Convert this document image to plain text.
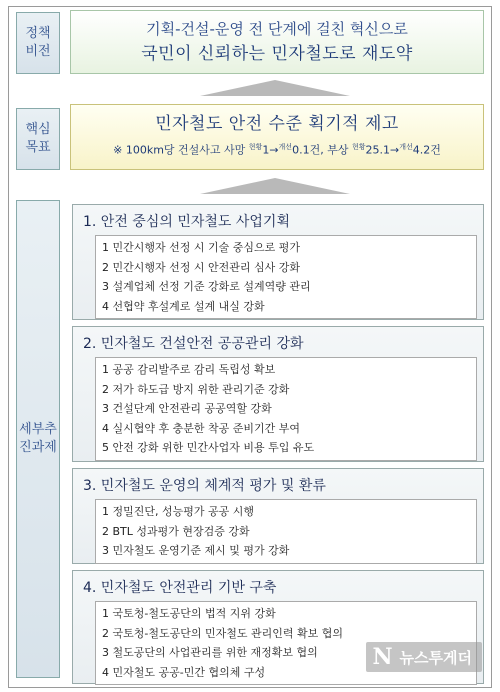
정책
비전
기획-건설-운영 전 단계에 걸친 혁신으로
국민이 신뢰하는 민자철도로 재도약
핵심
목표
민자철도 안전 수준 획기적 제고
※ 100km당 건설사고 사망 $^{현황}$1→$^{개선}$0.1건, 부상 $^{현황}$25.1→$^{개선}$4.2건
세부추
진과제
1. 안전 중심의 민자철도 사업기획
1 민간시행자 선정 시 기술 중심으로 평가
2 민간시행자 선정 시 안전관리 심사 강화
3 설계업체 선정 기준 강화로 설계역량 관리
4 선협약 후설계로 설계 내실 강화
2. 민자철도 건설안전 공공관리 강화
1 공공 감리발주로 감리 독립성 확보
2 저가 하도급 방지 위한 관리기준 강화
3 건설단계 안전관리 공공역할 강화
4 실시협약 후 충분한 착공 준비기간 부여
5 안전 강화 위한 민간사업자 비용 투입 유도
3. 민자철도 운영의 체계적 평가 및 환류
1 정밀진단, 성능평가 공공 시행
2 BTL 성과평가 현장검증 강화
3 민자철도 운영기준 제시 및 평가 강화
4. 민자철도 안전관리 기반 구축
1 국토청-철도공단의 법적 지위 강화
2 국토청-철도공단의 민자철도 관리인력 확보 협의
3 철도공단의 사업관리를 위한 재정확보 협의
4 민자철도 공공-민간 협의체 구성
N 뉴스투게더
